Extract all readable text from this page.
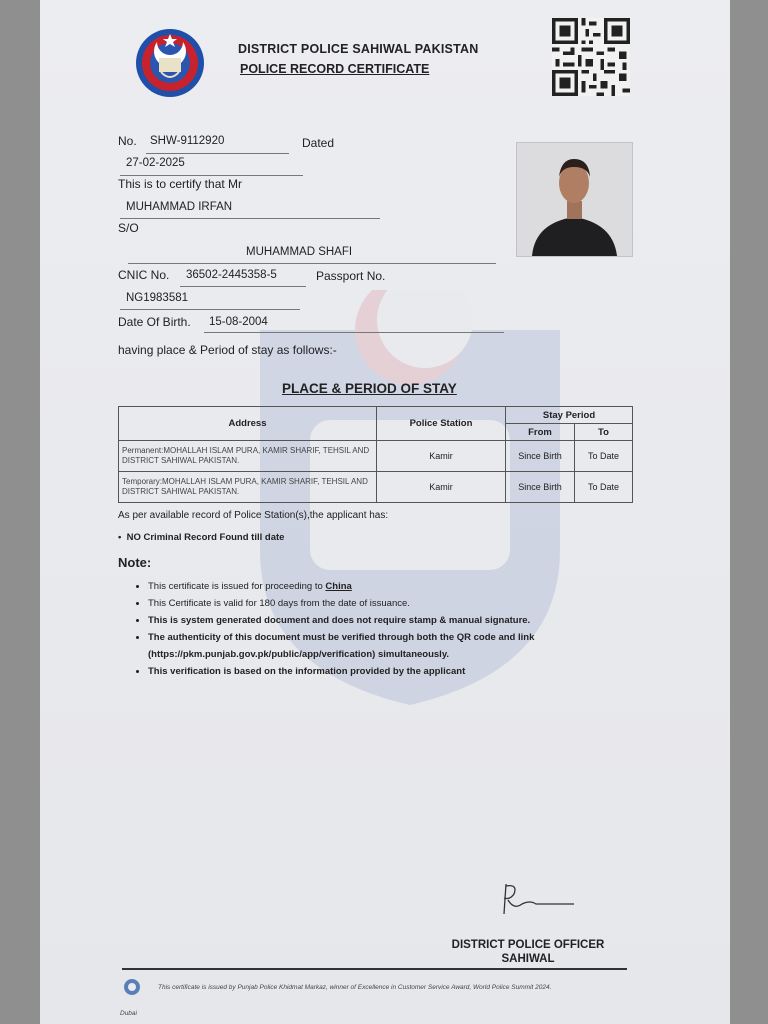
DISTRICT POLICE SAHIWAL PAKISTAN
POLICE RECORD CERTIFICATE
No. SHW-9112920	Dated
27-02-2025
This is to certify that Mr
MUHAMMAD IRFAN
S/O
MUHAMMAD SHAFI
CNIC No. 36502-2445358-5	Passport No.
NG1983581
Date Of Birth. 15-08-2004
having place & Period of stay as follows:-
PLACE & PERIOD OF STAY
Address	Police Station	Stay Period	
		From	To
Permanent:MOHALLAH ISLAM PURA, KAMIR SHARIF, TEHSIL AND DISTRICT SAHIWAL PAKISTAN.	Kamir	Since Birth	To Date
Temporary:MOHALLAH ISLAM PURA, KAMIR SHARIF, TEHSIL AND DISTRICT SAHIWAL PAKISTAN.	Kamir	Since Birth	To Date
As per available record of Police Station(s),the applicant has:
•  NO Criminal Record Found till date
Note:
• This certificate is issued for proceeding to China
• This Certificate is valid for 180 days from the date of issuance.
• This is system generated document and does not require stamp & manual signature.
• The authenticity of this document must be verified through both the QR code and link (https://pkm.punjab.gov.pk/public/app/verification) simultaneously.
• This verification is based on the information provided by the applicant
DISTRICT POLICE OFFICER
SAHIWAL
This certificate is issued by Punjab Police Khidmat Markaz, winner of Excellence in Customer Service Award, World Police Summit 2024.
Dubai
